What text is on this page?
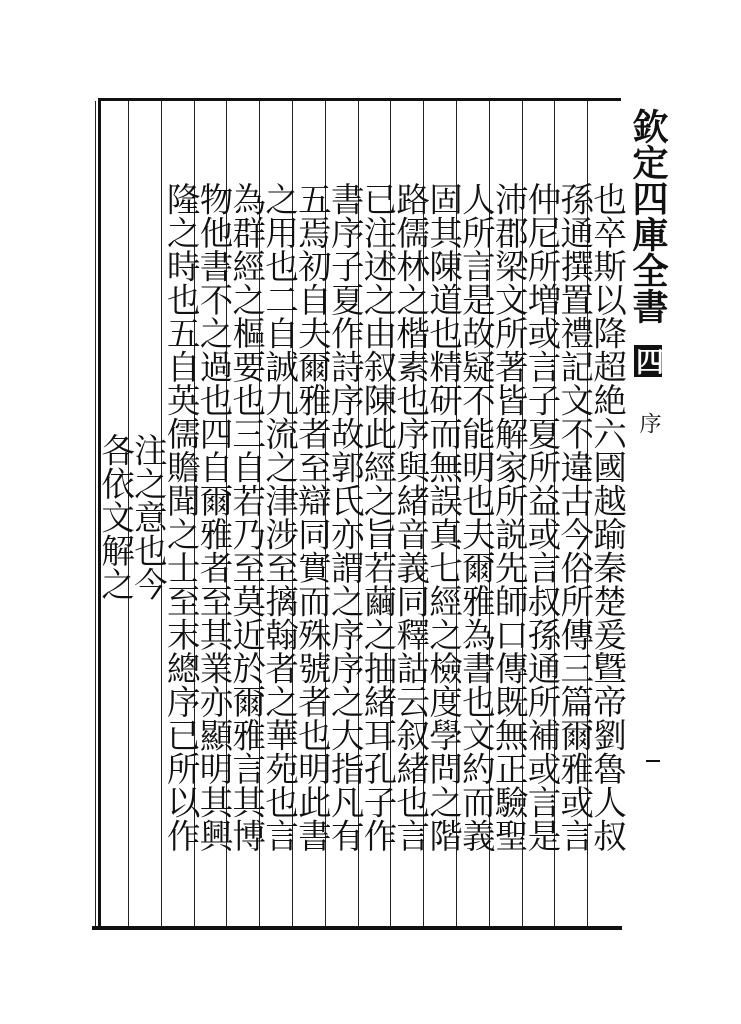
欽定四庫全書 四 序
也卒斯以降超絶六國越踰秦楚爰曁帝劉魯人叔
孫通撰置禮記文不違古今俗所傳三篇爾雅或言
仲尼所増或言子夏所益或言叔孫通所補或言是
沛郡梁文所著皆解家所説先師口傳既無正驗聖
人所言是故疑不能明也夫爾雅為書也文約而義
固其陳道也精研而無誤真七經之檢度學問之階
路儒林之楷素也序與緒音義同釋詁云叙緒也言
已注述之由叙陳此經之旨若繭之抽緒耳孔子作
書序子夏作詩序故郭氏亦謂之序序之大指凡有
五焉初自夫爾雅者至辯同實而殊號者也明此書
之用也二自誠九流之津涉至摛翰者之華苑也言
為群經之樞要也三自若乃至莫近於爾雅言其博
物他書不之過也四自爾雅者至其業亦顯明其興
隆之時也五自英儒贍聞之士至末總序已所以作
注之意也今
各依文解之
